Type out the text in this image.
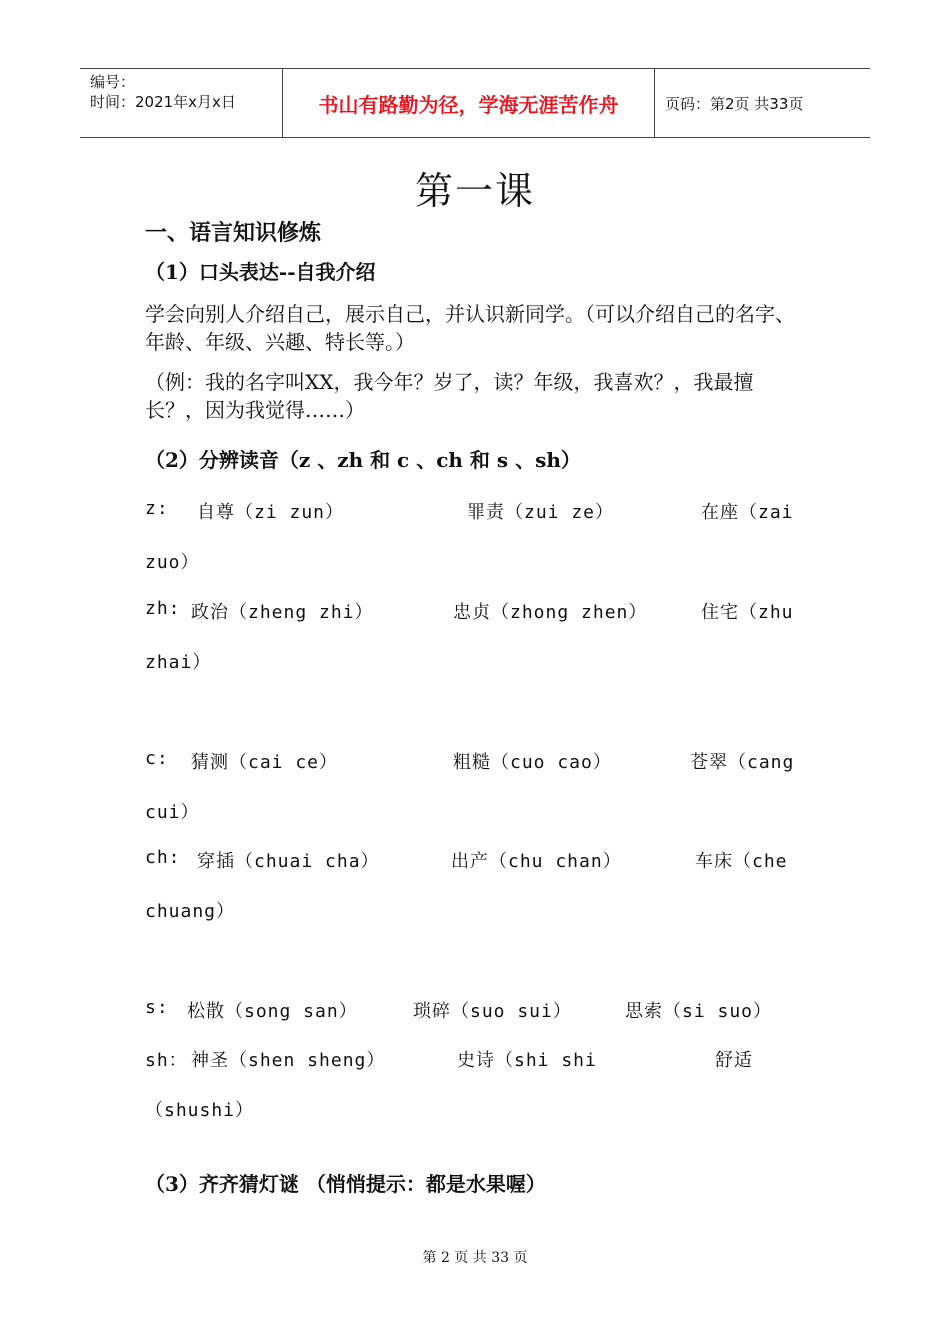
编号：
时间：2021年x月x日	书山有路勤为径，学海无涯苦作舟	页码：第2页 共33页
第一课
一、语言知识修炼
（1）口头表达--自我介绍
学会向别人介绍自己，展示自己，并认识新同学。（可以介绍自己的名字、年龄、年级、兴趣、特长等。）
（例：我的名字叫XX，我今年？岁了，读？年级，我喜欢？，我最擅长？，因为我觉得……）
（2）分辨读音（z 、zh 和 c 、ch 和 s 、sh）
z: 自尊（zi zun）	罪责（zui ze）	在座（zai
zuo）
zh: 政治（zheng zhi）	忠贞（zhong zhen）	住宅（zhu
zhai）
c: 猜测（cai ce）	粗糙（cuo cao）	苍翠（cang
cui）
ch: 穿插（chuai cha）	出产（chu chan）	车床（che
chuang）
s: 松散（song san）	琐碎（suo sui）	思索（si suo）
sh： 神圣（shen sheng）	史诗（shi shi	舒适
（shushi）
（3）齐齐猜灯谜 （悄悄提示：都是水果喔）
第 2 页 共 33 页
